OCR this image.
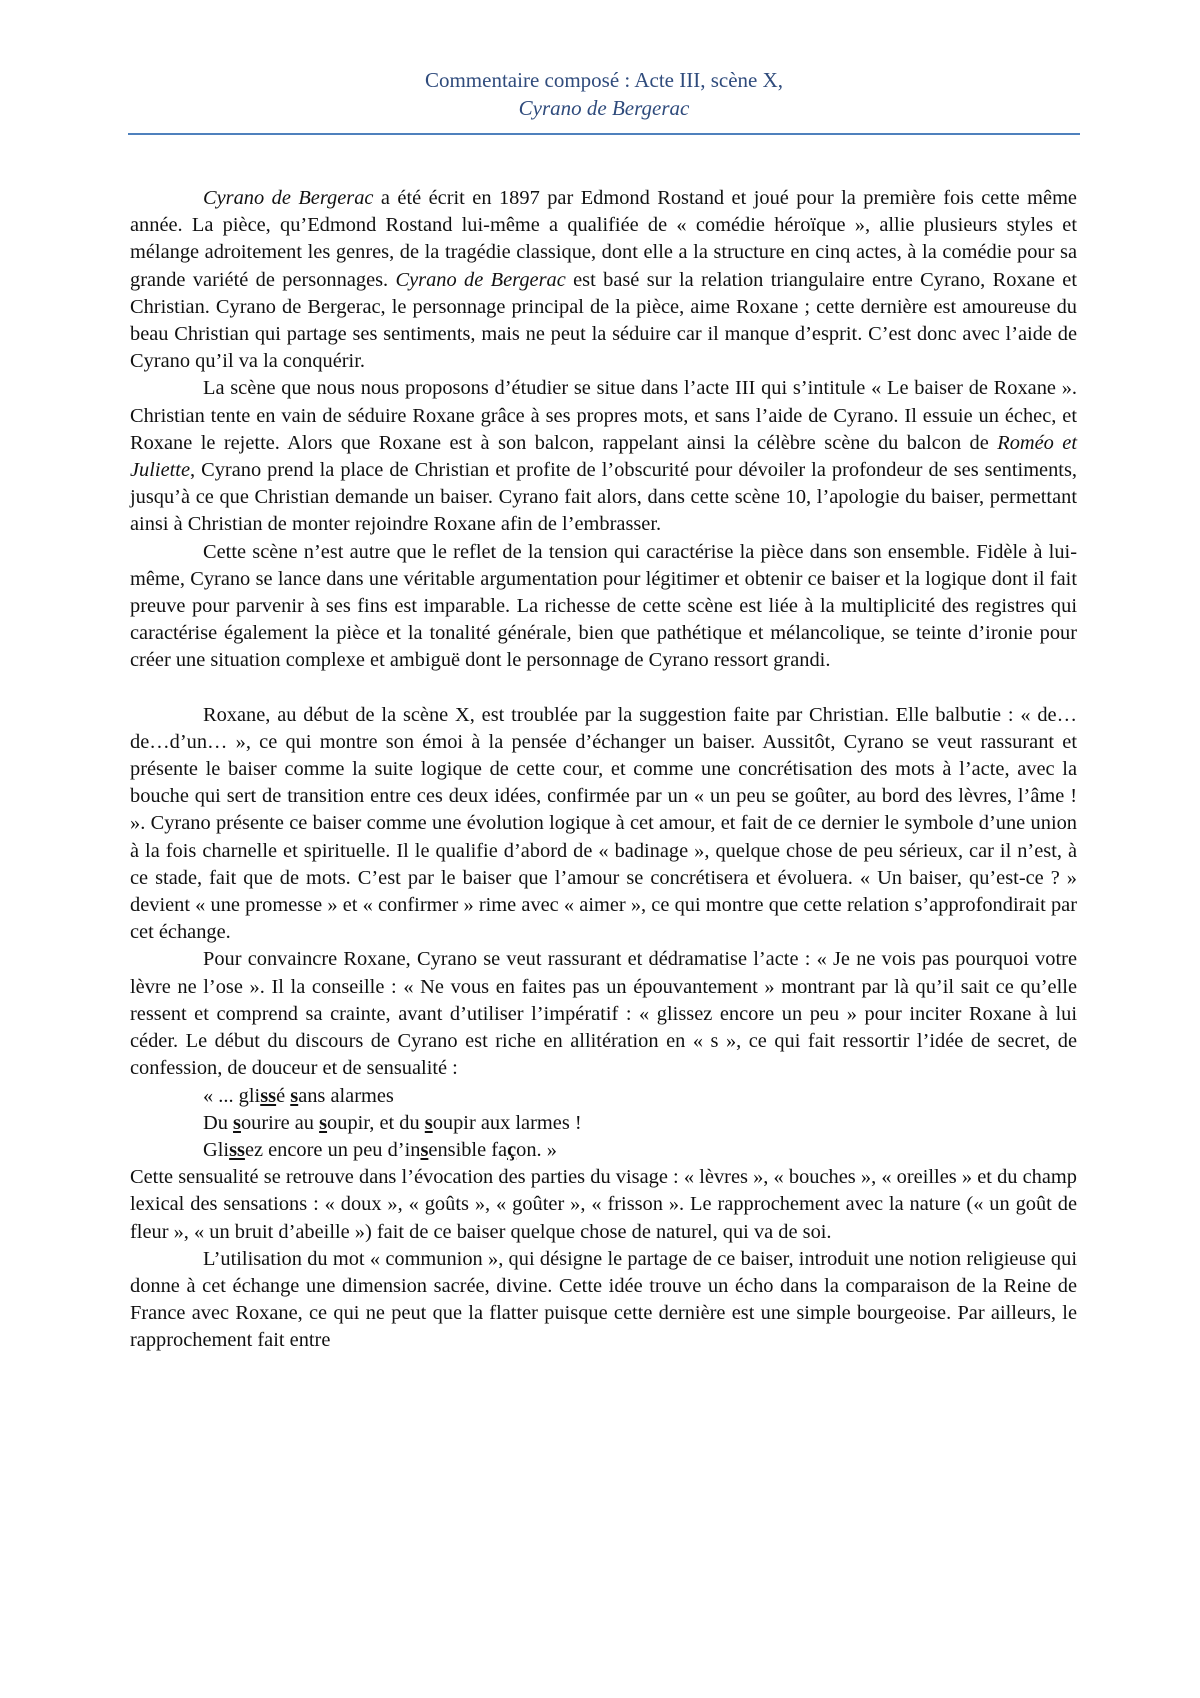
Commentaire composé : Acte III, scène X,
Cyrano de Bergerac

Cyrano de Bergerac a été écrit en 1897 par Edmond Rostand et joué pour la première fois cette même année. La pièce, qu’Edmond Rostand lui-même a qualifiée de « comédie héroïque », allie plusieurs styles et mélange adroitement les genres, de la tragédie classique, dont elle a la structure en cinq actes, à la comédie pour sa grande variété de personnages. Cyrano de Bergerac est basé sur la relation triangulaire entre Cyrano, Roxane et Christian. Cyrano de Bergerac, le personnage principal de la pièce, aime Roxane ; cette dernière est amoureuse du beau Christian qui partage ses sentiments, mais ne peut la séduire car il manque d’esprit. C’est donc avec l’aide de Cyrano qu’il va la conquérir.

La scène que nous nous proposons d’étudier se situe dans l’acte III qui s’intitule « Le baiser de Roxane ». Christian tente en vain de séduire Roxane grâce à ses propres mots, et sans l’aide de Cyrano. Il essuie un échec, et Roxane le rejette. Alors que Roxane est à son balcon, rappelant ainsi la célèbre scène du balcon de Roméo et Juliette, Cyrano prend la place de Christian et profite de l’obscurité pour dévoiler la profondeur de ses sentiments, jusqu’à ce que Christian demande un baiser. Cyrano fait alors, dans cette scène 10, l’apologie du baiser, permettant ainsi à Christian de monter rejoindre Roxane afin de l’embrasser.

Cette scène n’est autre que le reflet de la tension qui caractérise la pièce dans son ensemble. Fidèle à lui-même, Cyrano se lance dans une véritable argumentation pour légitimer et obtenir ce baiser et la logique dont il fait preuve pour parvenir à ses fins est imparable. La richesse de cette scène est liée à la multiplicité des registres qui caractérise également la pièce et la tonalité générale, bien que pathétique et mélancolique, se teinte d’ironie pour créer une situation complexe et ambiguë dont le personnage de Cyrano ressort grandi.

Roxane, au début de la scène X, est troublée par la suggestion faite par Christian. Elle balbutie : « de…de…d’un… », ce qui montre son émoi à la pensée d’échanger un baiser. Aussitôt, Cyrano se veut rassurant et présente le baiser comme la suite logique de cette cour, et comme une concrétisation des mots à l’acte, avec la bouche qui sert de transition entre ces deux idées, confirmée par un « un peu se goûter, au bord des lèvres, l’âme ! ». Cyrano présente ce baiser comme une évolution logique à cet amour, et fait de ce dernier le symbole d’une union à la fois charnelle et spirituelle. Il le qualifie d’abord de « badinage », quelque chose de peu sérieux, car il n’est, à ce stade, fait que de mots. C’est par le baiser que l’amour se concrétisera et évoluera. « Un baiser, qu’est-ce ? » devient « une promesse » et « confirmer » rime avec « aimer », ce qui montre que cette relation s’approfondirait par cet échange.

Pour convaincre Roxane, Cyrano se veut rassurant et dédramatise l’acte : « Je ne vois pas pourquoi votre lèvre ne l’ose ». Il la conseille : « Ne vous en faites pas un épouvantement » montrant par là qu’il sait ce qu’elle ressent et comprend sa crainte, avant d’utiliser l’impératif : « glissez encore un peu » pour inciter Roxane à lui céder. Le début du discours de Cyrano est riche en allitération en « s », ce qui fait ressortir l’idée de secret, de confession, de douceur et de sensualité :

« ... glissé sans alarmes
Du sourire au soupir, et du soupir aux larmes !
Glissez encore un peu d’insensible façon. »

Cette sensualité se retrouve dans l’évocation des parties du visage : « lèvres », « bouches », « oreilles » et du champ lexical des sensations : « doux », « goûts », « goûter », « frisson ». Le rapprochement avec la nature (« un goût de fleur », « un bruit d’abeille ») fait de ce baiser quelque chose de naturel, qui va de soi.

L’utilisation du mot « communion », qui désigne le partage de ce baiser, introduit une notion religieuse qui donne à cet échange une dimension sacrée, divine. Cette idée trouve un écho dans la comparaison de la Reine de France avec Roxane, ce qui ne peut que la flatter puisque cette dernière est une simple bourgeoise. Par ailleurs, le rapprochement fait entre
